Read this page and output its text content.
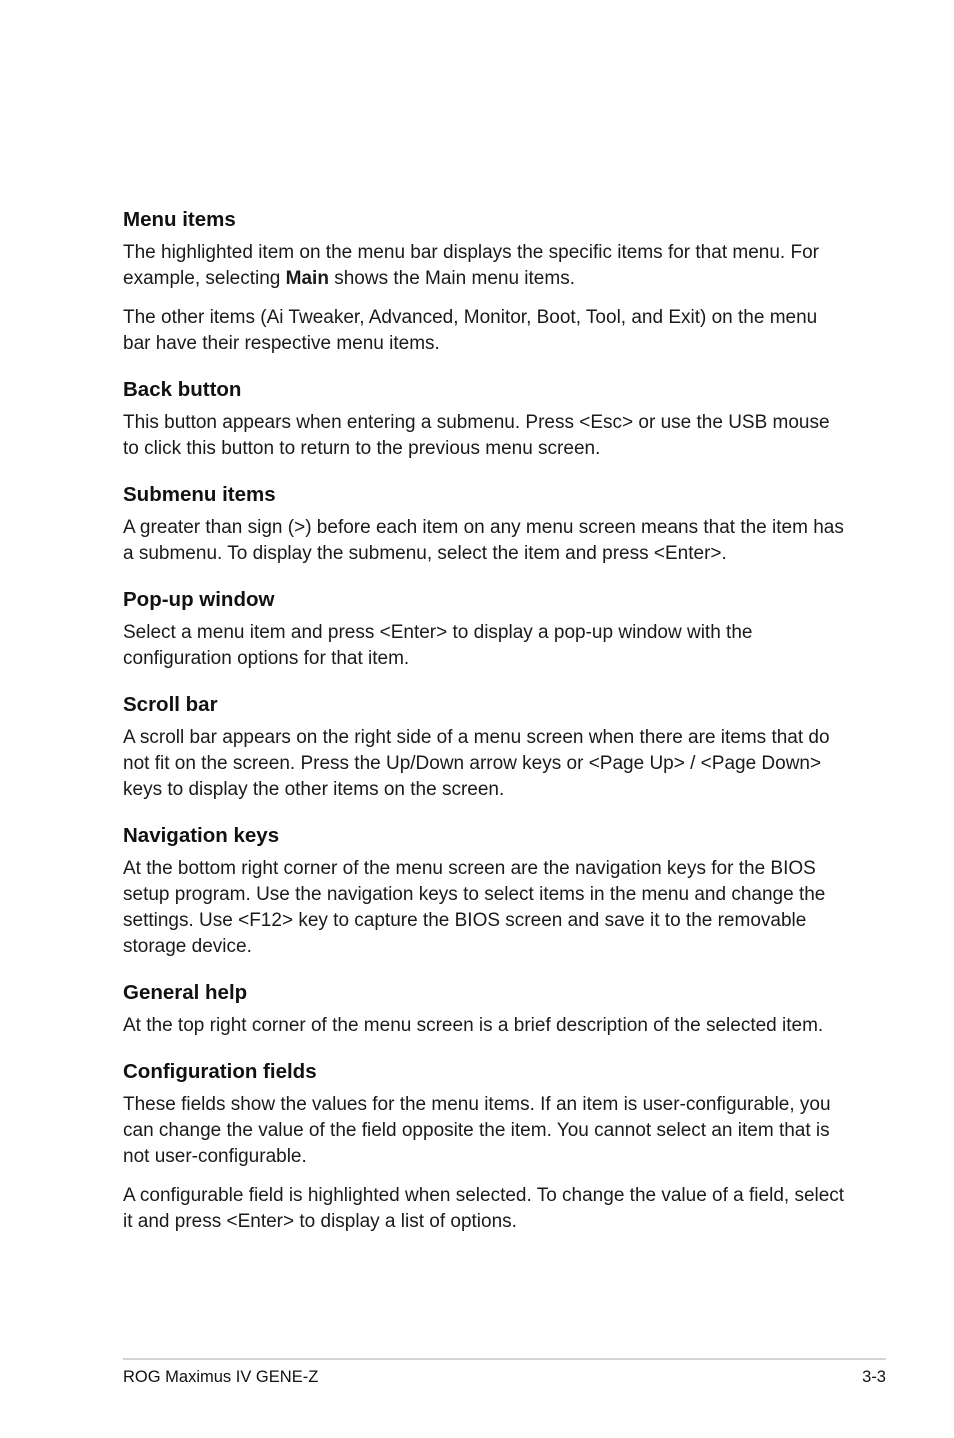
Menu items

The highlighted item on the menu bar displays the specific items for that menu. For example, selecting Main shows the Main menu items.

The other items (Ai Tweaker, Advanced, Monitor, Boot, Tool, and Exit) on the menu bar have their respective menu items.

Back button

This button appears when entering a submenu. Press <Esc> or use the USB mouse to click this button to return to the previous menu screen.

Submenu items

A greater than sign (>) before each item on any menu screen means that the item has a submenu. To display the submenu, select the item and press <Enter>.

Pop-up window

Select a menu item and press <Enter> to display a pop-up window with the configuration options for that item.

Scroll bar

A scroll bar appears on the right side of a menu screen when there are items that do not fit on the screen. Press the Up/Down arrow keys or <Page Up> / <Page Down> keys to display the other items on the screen.

Navigation keys

At the bottom right corner of the menu screen are the navigation keys for the BIOS setup program. Use the navigation keys to select items in the menu and change the settings. Use <F12> key to capture the BIOS screen and save it to the removable storage device.

General help

At the top right corner of the menu screen is a brief description of the selected item.

Configuration fields

These fields show the values for the menu items. If an item is user-configurable, you can change the value of the field opposite the item. You cannot select an item that is not user-configurable.

A configurable field is highlighted when selected. To change the value of a field, select it and press <Enter> to display a list of options.

ROG Maximus IV GENE-Z	3-3
